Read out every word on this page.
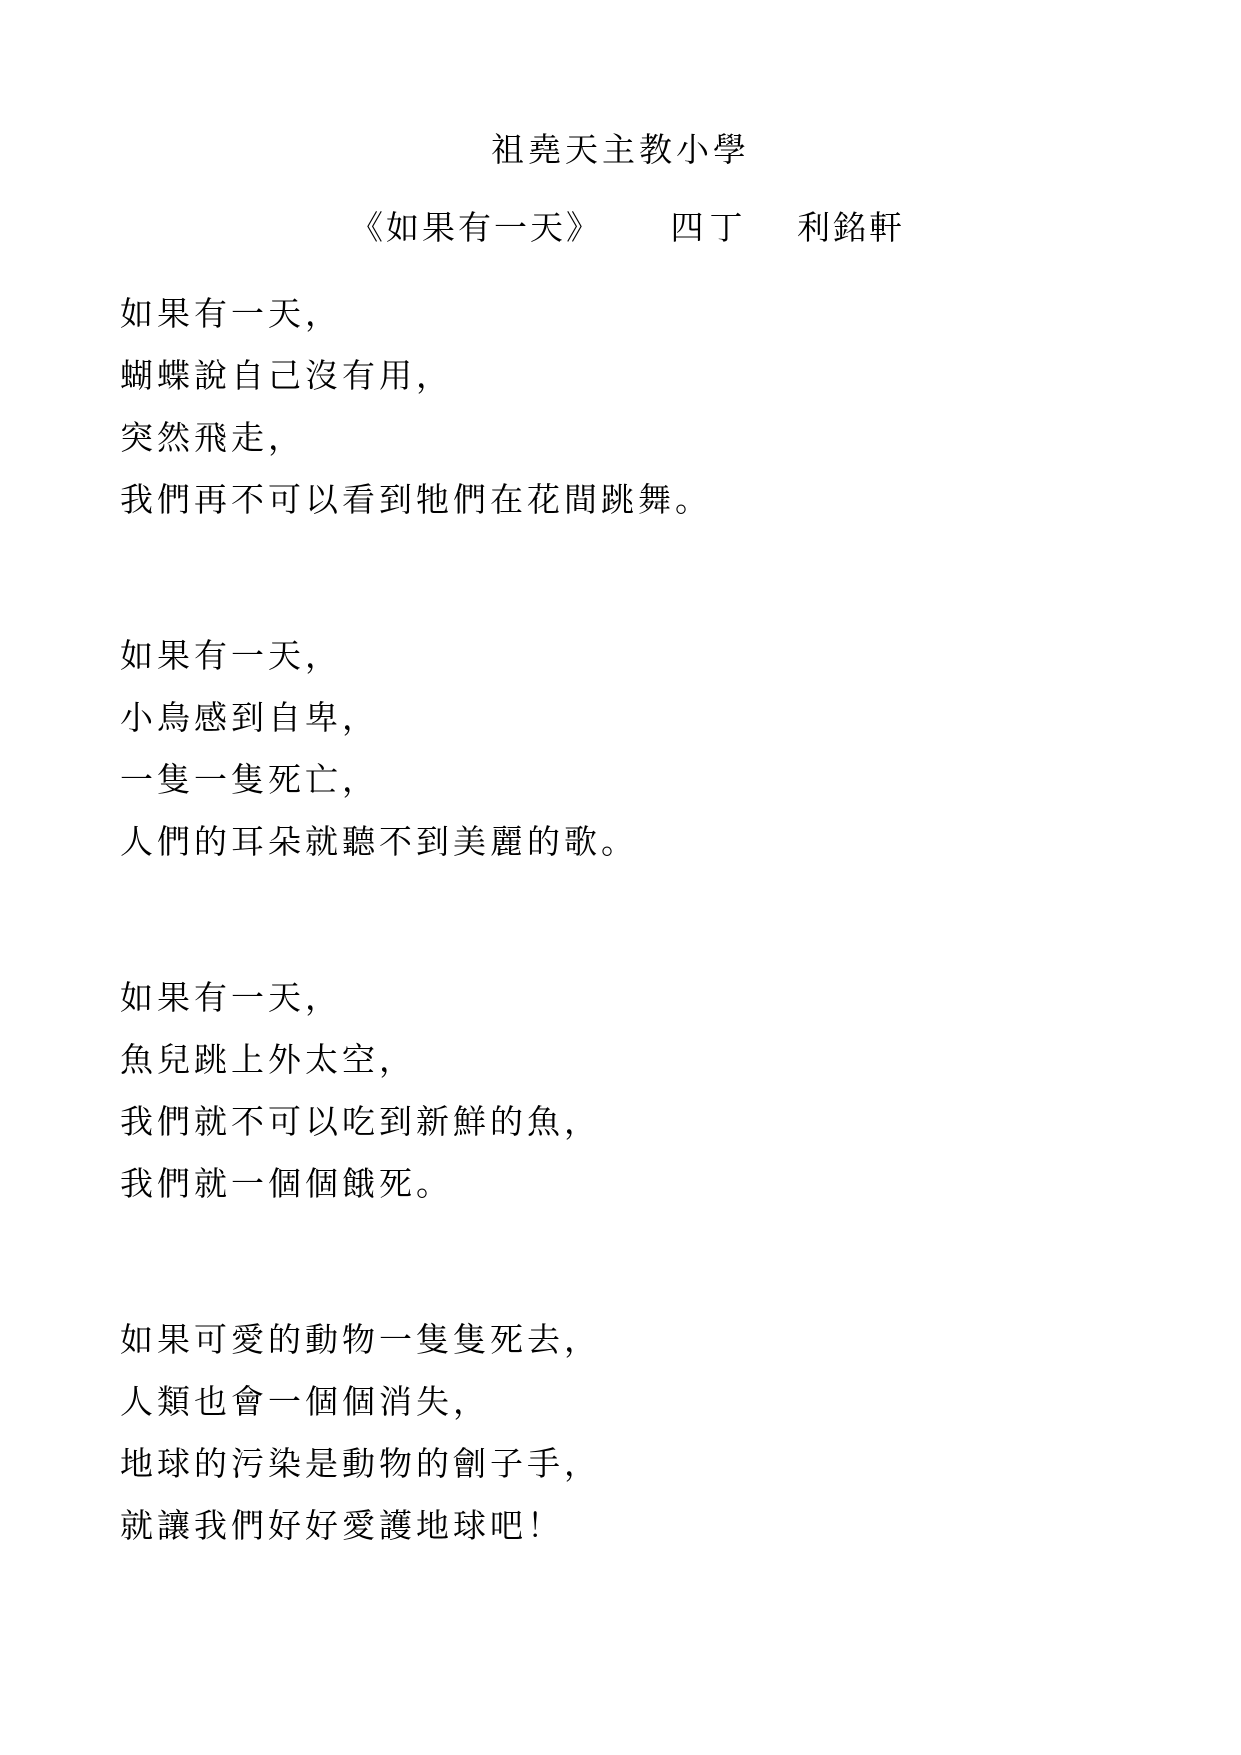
祖堯天主教小學
《如果有一天》 四丁 利銘軒
如果有一天，
蝴蝶說自己沒有用，
突然飛走，
我們再不可以看到牠們在花間跳舞。
如果有一天，
小鳥感到自卑，
一隻一隻死亡，
人們的耳朵就聽不到美麗的歌。
如果有一天，
魚兒跳上外太空，
我們就不可以吃到新鮮的魚，
我們就一個個餓死。
如果可愛的動物一隻隻死去，
人類也會一個個消失，
地球的污染是動物的劊子手，
就讓我們好好愛護地球吧！
